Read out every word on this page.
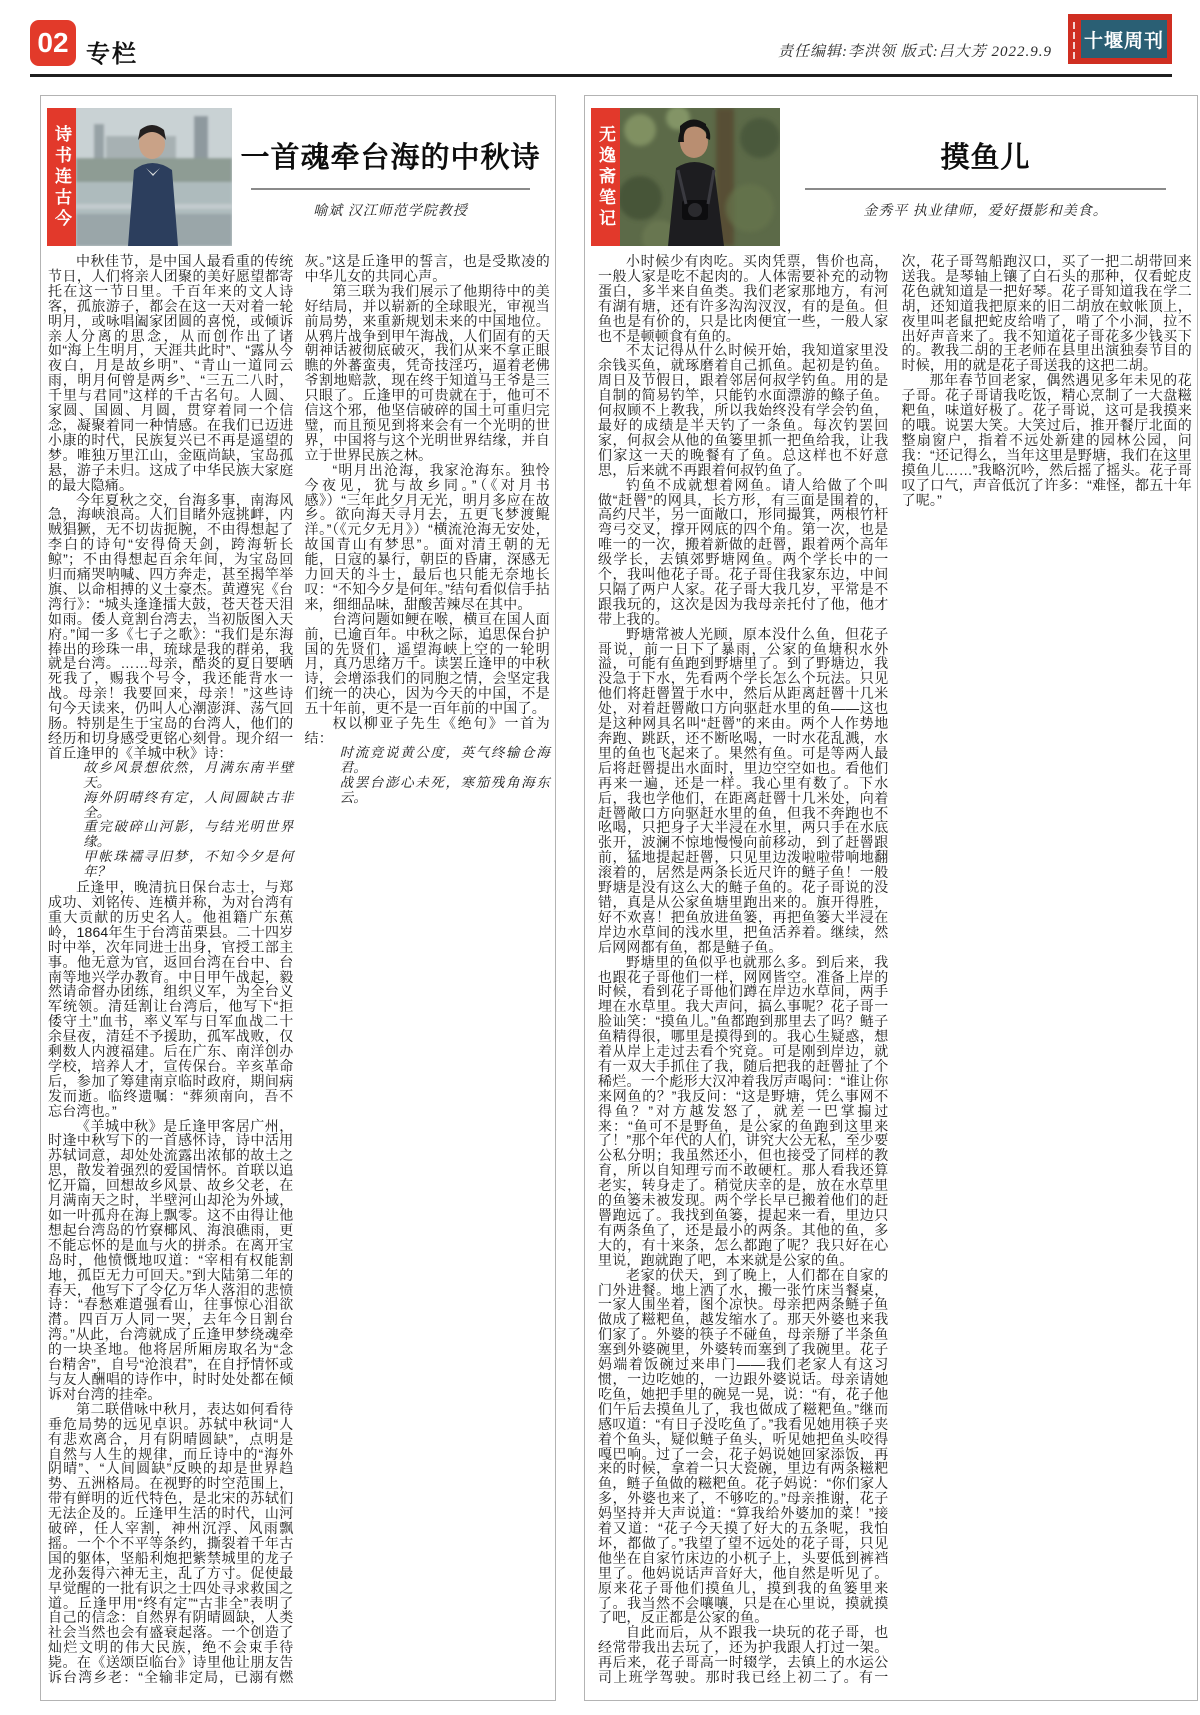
02 专栏	责任编辑:李洪领 版式:吕大芳 2022.9.9
十堰周刊
诗书连古今	一首魂牵台海的中秋诗
喻斌 汉江师范学院教授

中秋佳节，是中国人最看重的传统节日，人们将亲人团聚的美好愿望都寄托在这一节日里。千百年来的文人诗客，孤旅游子，都会在这一天对着一轮明月，或咏唱阖家团圆的喜悦，或倾诉亲人分离的思念，从而创作出了诸如“海上生明月，天涯共此时”、“露从今夜白，月是故乡明”、“青山一道同云雨，明月何曾是两乡”、“三五二八时，千里与君同”这样的千古名句。人圆、家圆、国圆、月圆，贯穿着同一个信念，凝聚着同一种情感。在我们已迈进小康的时代，民族复兴已不再是遥望的梦。唯独万里江山，金瓯尚缺，宝岛孤悬，游子未归。这成了中华民族大家庭的最大隐痛。

今年夏秋之交，台海多事，南海风急，海峡浪高。人们目睹外寇挑衅，内贼猖獗，无不切齿扼腕，不由得想起了李白的诗句“安得倚天剑，跨海斩长鲸”；不由得想起百余年间，为宝岛回归而痛哭呐喊、四方奔走，甚至揭竿举旗、以命相搏的义士豪杰。黄遵宪《台湾行》：“城头逢逢擂大鼓，苍天苍天泪如雨。倭人竟割台湾去，当初版图入天府。”闻一多《七子之歌》：“我们是东海捧出的珍珠一串，琉球是我的群弟，我就是台湾。……母亲，酷炎的夏日要晒死我了，赐我个号令，我还能背水一战。母亲！我要回来，母亲！”这些诗句今天读来，仍叫人心潮澎湃、荡气回肠。特别是生于宝岛的台湾人，他们的经历和切身感受更铭心刻骨。现介绍一首丘逢甲的《羊城中秋》诗：

故乡风景想依然，月满东南半壁天。
海外阴晴终有定，人间圆缺古非全。
重完破碎山河影，与结光明世界缘。
甲帐珠襦寻旧梦，不知今夕是何年？

丘逢甲，晚清抗日保台志士，与郑成功、刘铭传、连横并称，为对台湾有重大贡献的历史名人。他祖籍广东蕉岭，1864年生于台湾苗栗县。二十四岁时中举，次年同进士出身，官授工部主事。他无意为官，返回台湾在台中、台南等地兴学办教育。中日甲午战起，毅然请命督办团练，组织义军，为全台义军统领。清廷割让台湾后，他写下“拒倭守土”血书，率义军与日军血战二十余昼夜，清廷不予援助，孤军战败，仅剩数人内渡福建。后在广东、南洋创办学校，培养人才，宣传保台。辛亥革命后，参加了筹建南京临时政府，期间病发而逝。临终遗嘱：“葬须南向，吾不忘台湾也。”

《羊城中秋》是丘逢甲客居广州，时逢中秋写下的一首感怀诗，诗中活用苏轼词意，却处处流露出浓郁的故土之思，散发着强烈的爱国情怀。首联以追忆开篇，回想故乡风景、故乡父老，在月满南天之时，半壁河山却沦为外域，如一叶孤舟在海上飘零。这不由得让他想起台湾岛的竹寮椰风、海浪礁雨，更不能忘怀的是血与火的拼杀。在离开宝岛时，他愤慨地叹道：“宰相有权能割地，孤臣无力可回天。”到大陆第二年的春天，他写下了令亿万华人落泪的悲愤诗：“春愁难遣强看山，往事惊心泪欲潸。四百万人同一哭，去年今日割台湾。”从此，台湾就成了丘逢甲梦绕魂牵的一块圣地。他将居所厢房取名为“念台精舍”，自号“沧浪君”，在自抒情怀或与友人酬唱的诗作中，时时处处都在倾诉对台湾的挂牵。

第二联借咏中秋月，表达如何看待垂危局势的远见卓识。苏轼中秋词“人有悲欢离合，月有阴晴圆缺”，点明是自然与人生的规律，而丘诗中的“海外阴晴”、“人间圆缺”反映的却是世界趋势、五洲格局。在视野的时空范围上，带有鲜明的近代特色，是北宋的苏轼们无法企及的。丘逢甲生活的时代，山河破碎，任人宰割，神州沉浮、风雨飘摇。一个个不平等条约，撕裂着千年古国的躯体，坚船利炮把紫禁城里的龙子龙孙轰得六神无主，乱了方寸。促使最早觉醒的一批有识之士四处寻求救国之道。丘逢甲用“终有定”“古非全”表明了自己的信念：自然界有阴晴圆缺，人类社会当然也会有盛衰起落。一个创造了灿烂文明的伟大民族，绝不会束手待毙。在《送颂臣临台》诗里他让朋友告诉台湾乡老：“全输非定局，已溺有燃灰。”这是丘逢甲的誓言，也是受欺凌的中华儿女的共同心声。

第三联为我们展示了他期待中的美好结局，并以崭新的全球眼光，审视当前局势，来重新规划未来的中国地位。从鸦片战争到甲午海战，人们固有的天朝神话被彻底破灭，我们从来不拿正眼瞧的外蕃蛮夷，凭奇技淫巧，逼着老佛爷割地赔款，现在终于知道马王爷是三只眼了。丘逢甲的可贵就在于，他可不信这个邪，他坚信破碎的国土可重归完璧，而且预见到将来会有一个光明的世界，中国将与这个光明世界结缘，并自立于世界民族之林。

“明月出沧海，我家沧海东。独怜今夜见，犹与故乡同。”（《对月书感》）“三年此夕月无光，明月多应在故乡。欲向海天寻月去，五更飞梦渡鲲洋。”（《元夕无月》）“横流沧海无安处，故国青山有梦思”。面对清王朝的无能，日寇的暴行，朝臣的昏庸，深感无力回天的斗士，最后也只能无奈地长叹：“不知今夕是何年。”结句看似信手拈来，细细品味，甜酸苦辣尽在其中。

台湾问题如鲠在喉，横亘在国人面前，已逾百年。中秋之际，追思保台护国的先贤们，遥望海峡上空的一轮明月，真乃思绪万千。读罢丘逢甲的中秋诗，会增添我们的同胞之情，会坚定我们统一的决心，因为今天的中国，不是五十年前，更不是一百年前的中国了。

权以柳亚子先生《绝句》一首为结：

时流竞说黄公度，英气终输仓海君。
战罢台澎心未死，寒笳残角海东云。
无逸斋笔记	摸鱼儿
金秀平 执业律师，爱好摄影和美食。

小时候少有肉吃。买肉凭票，售价也高，一般人家是吃不起肉的。人体需要补充的动物蛋白，多半来自鱼类。我们老家那地方，有河有湖有塘，还有许多沟沟汊汊，有的是鱼。但鱼也是有价的，只是比肉便宜一些，一般人家也不是顿顿食有鱼的。

不太记得从什么时候开始，我知道家里没余钱买鱼，就琢磨着自己抓鱼。起初是钓鱼。周日及节假日，跟着邻居何叔学钓鱼。用的是自制的简易钓竿，只能钓水面漂游的鲦子鱼。何叔顾不上教我，所以我始终没有学会钓鱼，最好的成绩是半天钓了一条鱼。每次钓罢回家，何叔会从他的鱼篓里抓一把鱼给我，让我们家这一天的晚餐有了鱼。总这样也不好意思，后来就不再跟着何叔钓鱼了。

钓鱼不成就想着网鱼。请人给做了个叫做“赶罾”的网具，长方形，有三面是围着的，高约尺半，另一面敞口，形同撮箕，两根竹杆弯弓交叉，撑开网底的四个角。第一次，也是唯一的一次，搬着新做的赶罾，跟着两个高年级学长，去镇郊野塘网鱼。两个学长中的一个，我叫他花子哥。花子哥住我家东边，中间只隔了两户人家。花子哥大我几岁，平常是不跟我玩的，这次是因为我母亲托付了他，他才带上我的。

野塘常被人光顾，原本没什么鱼，但花子哥说，前一日下了暴雨，公家的鱼塘积水外溢，可能有鱼跑到野塘里了。到了野塘边，我没急于下水，先看两个学长怎么个玩法。只见他们将赶罾置于水中，然后从距离赶罾十几米处，对着赶罾敞口方向驱赶水里的鱼——这也是这种网具名叫“赶罾”的来由。两个人作势地奔跑、跳跃，还不断吆喝，一时水花乱溅，水里的鱼也飞起来了。果然有鱼。可是等两人最后将赶罾提出水面时，里边空空如也。看他们再来一遍，还是一样。我心里有数了。下水后，我也学他们，在距离赶罾十几米处，向着赶罾敞口方向驱赶水里的鱼，但我不奔跑也不吆喝，只把身子大半浸在水里，两只手在水底张开，波澜不惊地慢慢向前移动，到了赶罾跟前，猛地提起赶罾，只见里边泼啦啦带响地翻滚着的，居然是两条长近尺许的鲢子鱼！一般野塘是没有这么大的鲢子鱼的。花子哥说的没错，真是从公家鱼塘里跑出来的。旗开得胜，好不欢喜！把鱼放进鱼篓，再把鱼篓大半浸在岸边水草间的浅水里，把鱼活养着。继续，然后网网都有鱼，都是鲢子鱼。

野塘里的鱼似乎也就那么多。到后来，我也跟花子哥他们一样，网网皆空。准备上岸的时候，看到花子哥他们蹲在岸边水草间，两手埋在水草里。我大声问，搞么事呢？花子哥一脸讪笑：“摸鱼儿。”鱼都跑到那里去了吗？鲢子鱼精得很，哪里是摸得到的。我心生疑惑，想着从岸上走过去看个究竟。可是刚到岸边，就有一双大手抓住了我，随后把我的赶罾扯了个稀烂。一个彪形大汉冲着我厉声喝问：“谁让你来网鱼的？”我反问：“这是野塘，凭么事网不得鱼？”对方越发怒了，就差一巴掌搧过来：“鱼可不是野鱼，是公家的鱼跑到这里来了！”那个年代的人们，讲究大公无私，至少要公私分明；我虽然还小，但也接受了同样的教育，所以自知理亏而不敢硬杠。那人看我还算老实，转身走了。稍觉庆幸的是，放在水草里的鱼篓未被发现。两个学长早已搬着他们的赶罾跑远了。我找到鱼篓，提起来一看，里边只有两条鱼了，还是最小的两条。其他的鱼，多大的，有十来条，怎么都跑了呢？我只好在心里说，跑就跑了吧，本来就是公家的鱼。

老家的伏天，到了晚上，人们都在自家的门外进餐。地上洒了水，搬一张竹床当餐桌，一家人围坐着，图个凉快。母亲把两条鲢子鱼做成了糍粑鱼，越发缩水了。那天外婆也来我们家了。外婆的筷子不碰鱼，母亲掰了半条鱼塞到外婆碗里，外婆转而塞到了我碗里。花子妈端着饭碗过来串门——我们老家人有这习惯，一边吃她的，一边跟外婆说话。母亲请她吃鱼，她把手里的碗晃一晃，说：“有，花子他们午后去摸鱼儿了，我也做成了糍粑鱼。”继而感叹道：“有日子没吃鱼了。”我看见她用筷子夹着个鱼头，疑似鲢子鱼头，听见她把鱼头咬得嘎巴响。过了一会，花子妈说她回家添饭，再来的时候，拿着一只大瓷碗，里边有两条糍粑鱼，鲢子鱼做的糍粑鱼。花子妈说：“你们家人多，外婆也来了，不够吃的。”母亲推谢，花子妈坚持并大声说道：“算我给外婆加的菜！”接着又道：“花子今天摸了好大的五条呢，我怕坏，都做了。”我望了望不远处的花子哥，只见他坐在自家竹床边的小杌子上，头要低到裤裆里了。他妈说话声音好大，他自然是听见了。原来花子哥他们摸鱼儿，摸到我的鱼篓里来了。我当然不会嚷嚷，只是在心里说，摸就摸了吧，反正都是公家的鱼。

自此而后，从不跟我一块玩的花子哥，也经常带我出去玩了，还为护我跟人打过一架。再后来，花子哥高一时辍学，去镇上的水运公司上班学驾驶。那时我已经上初二了。有一次，花子哥驾船跑汉口，买了一把二胡带回来送我。是琴轴上镶了白石头的那种，仅看蛇皮花色就知道是一把好琴。花子哥知道我在学二胡，还知道我把原来的旧二胡放在蚊帐顶上，夜里叫老鼠把蛇皮给啃了，啃了个小洞，拉不出好声音来了。我不知道花子哥花多少钱买下的。教我二胡的王老师在县里出演独奏节目的时候，用的就是花子哥送我的这把二胡。

那年春节回老家，偶然遇见多年未见的花子哥。花子哥请我吃饭，精心烹制了一大盘糍粑鱼，味道好极了。花子哥说，这可是我摸来的哦。说罢大笑。大笑过后，推开餐厅北面的整扇窗户，指着不远处新建的园林公园，问我：“还记得么，当年这里是野塘，我们在这里摸鱼儿……”我略沉吟，然后摇了摇头。花子哥叹了口气，声音低沉了许多：“难怪，都五十年了呢。”
